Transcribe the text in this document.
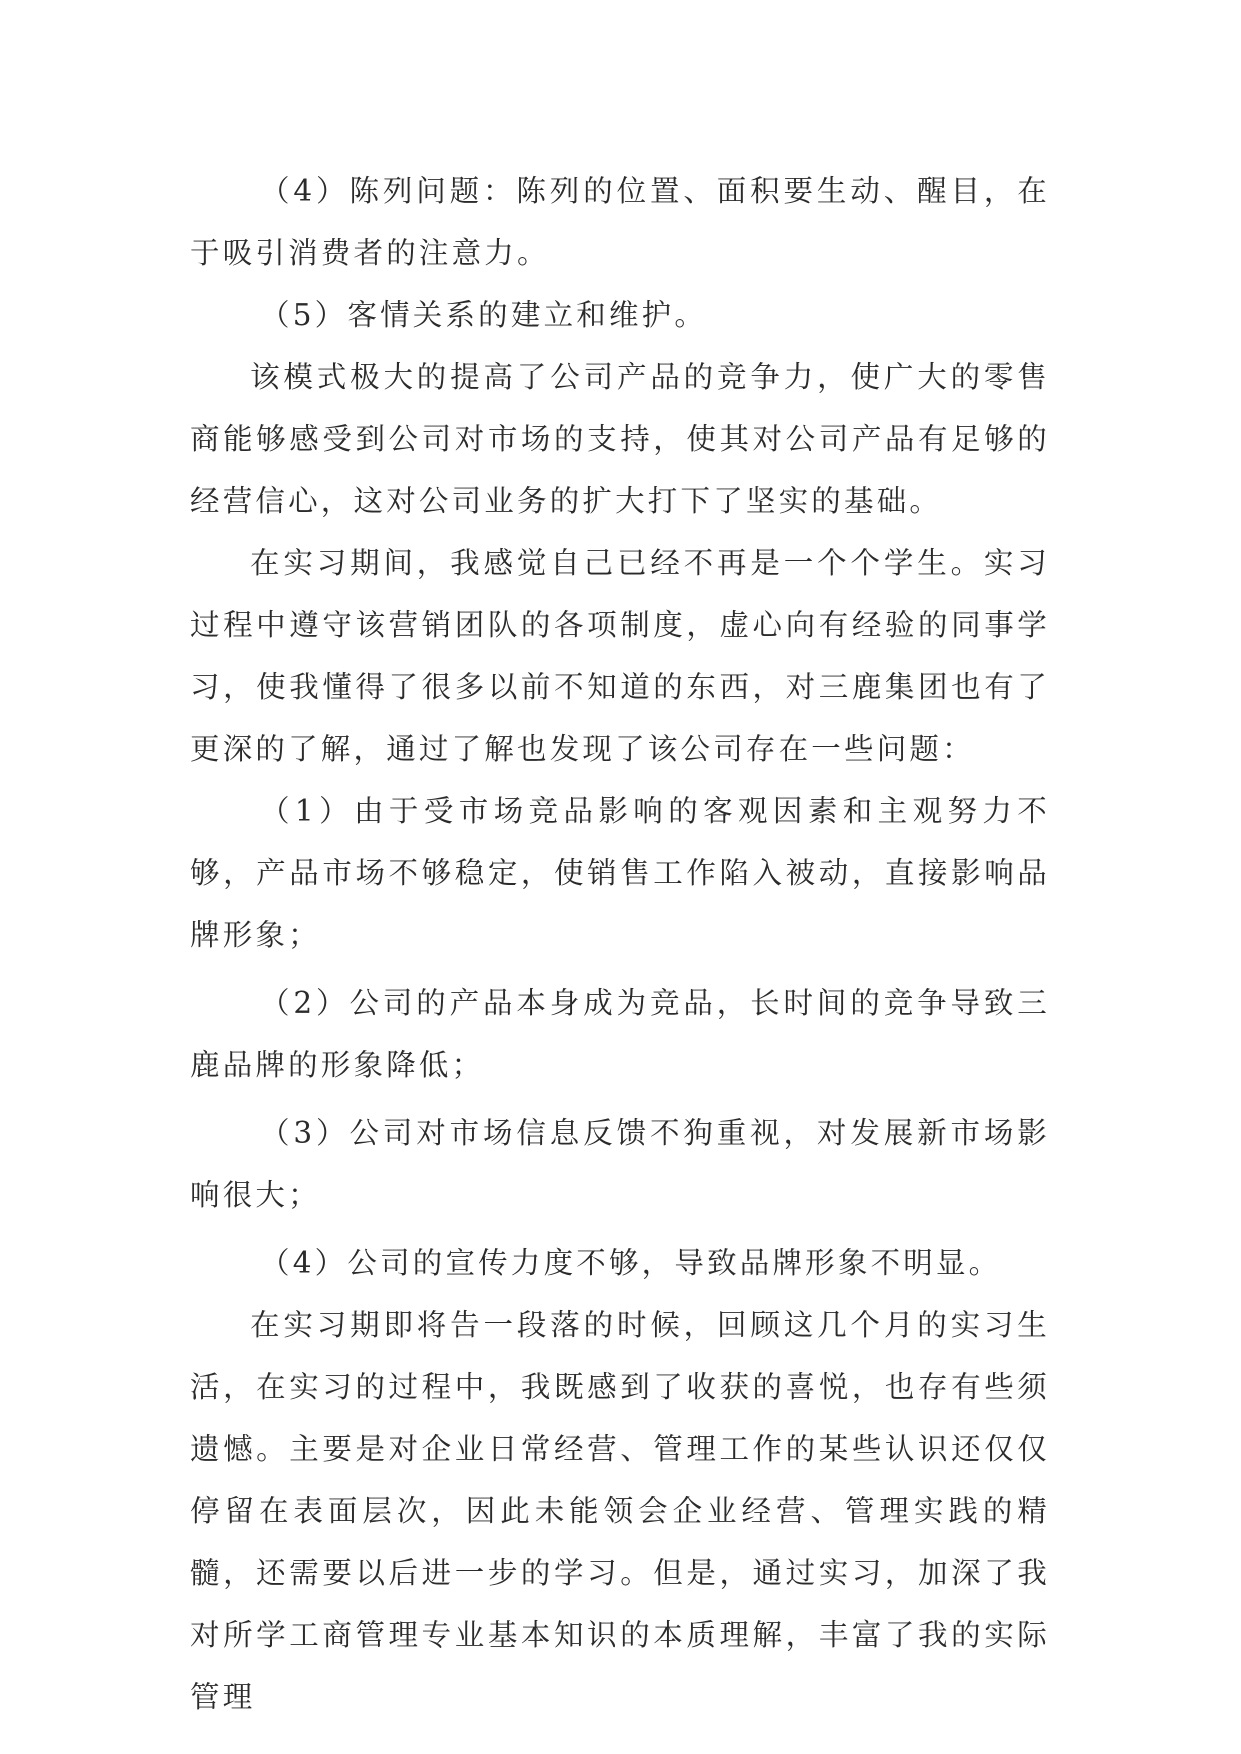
（4）陈列问题：陈列的位置、面积要生动、醒目，在于吸引消费者的注意力。

（5）客情关系的建立和维护。

该模式极大的提高了公司产品的竞争力，使广大的零售商能够感受到公司对市场的支持，使其对公司产品有足够的经营信心，这对公司业务的扩大打下了坚实的基础。

在实习期间，我感觉自己已经不再是一个个学生。实习过程中遵守该营销团队的各项制度，虚心向有经验的同事学习，使我懂得了很多以前不知道的东西，对三鹿集团也有了更深的了解，通过了解也发现了该公司存在一些问题：

（1）由于受市场竞品影响的客观因素和主观努力不够，产品市场不够稳定，使销售工作陷入被动，直接影响品牌形象；

（2）公司的产品本身成为竞品，长时间的竞争导致三鹿品牌的形象降低；

（3）公司对市场信息反馈不狗重视，对发展新市场影响很大；

（4）公司的宣传力度不够，导致品牌形象不明显。

在实习期即将告一段落的时候，回顾这几个月的实习生活，在实习的过程中，我既感到了收获的喜悦，也存有些须遗憾。主要是对企业日常经营、管理工作的某些认识还仅仅停留在表面层次，因此未能领会企业经营、管理实践的精髓，还需要以后进一步的学习。但是，通过实习，加深了我对所学工商管理专业基本知识的本质理解，丰富了我的实际管理
